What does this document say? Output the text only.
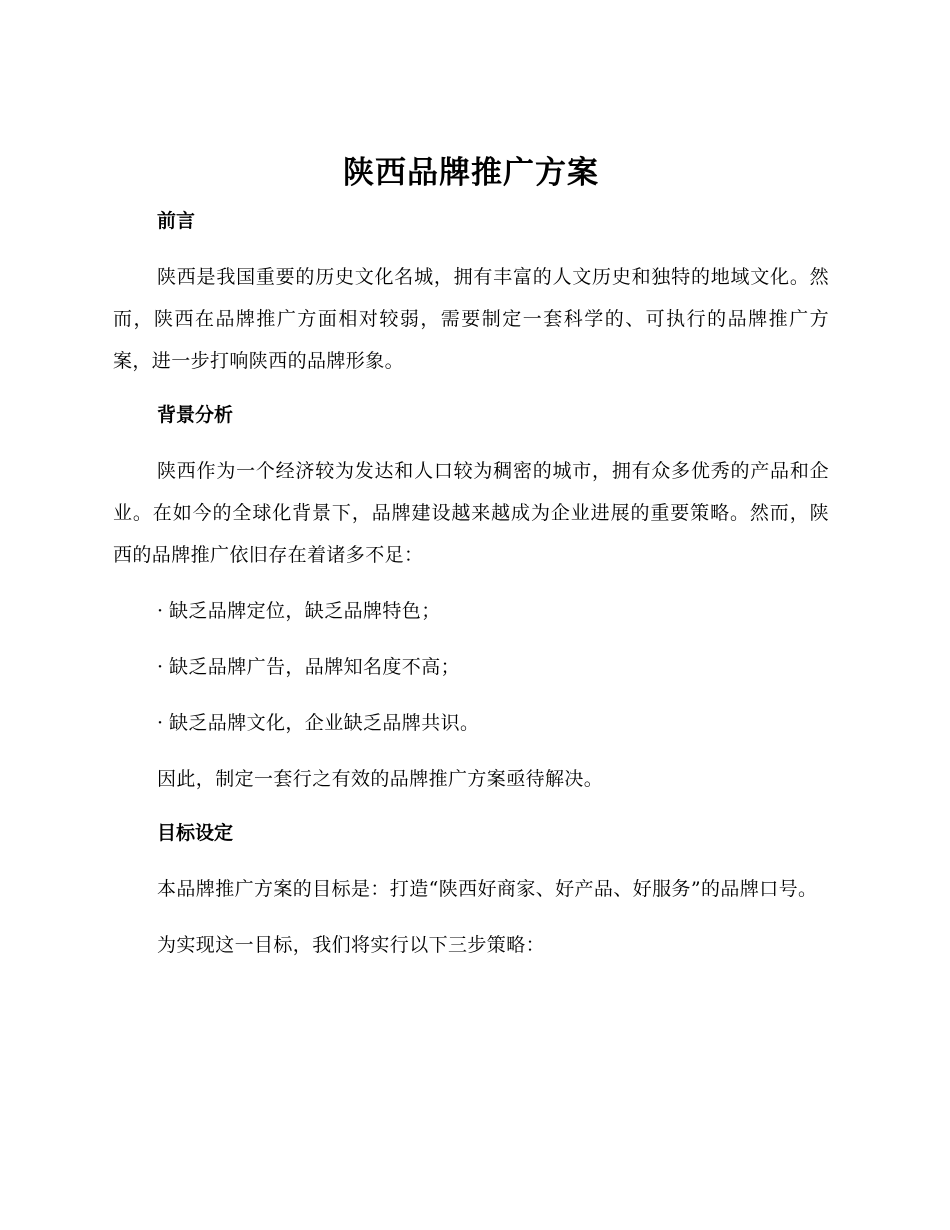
陕西品牌推广方案
前言

陕西是我国重要的历史文化名城，拥有丰富的人文历史和独特的地域文化。然而，陕西在品牌推广方面相对较弱，需要制定一套科学的、可执行的品牌推广方案，进一步打响陕西的品牌形象。

背景分析

陕西作为一个经济较为发达和人口较为稠密的城市，拥有众多优秀的产品和企业。在如今的全球化背景下，品牌建设越来越成为企业进展的重要策略。然而，陕西的品牌推广依旧存在着诸多不足：

· 缺乏品牌定位，缺乏品牌特色；

· 缺乏品牌广告，品牌知名度不高；

· 缺乏品牌文化，企业缺乏品牌共识。

因此，制定一套行之有效的品牌推广方案亟待解决。

目标设定

本品牌推广方案的目标是：打造“陕西好商家、好产品、好服务”的品牌口号。

为实现这一目标，我们将实行以下三步策略：
